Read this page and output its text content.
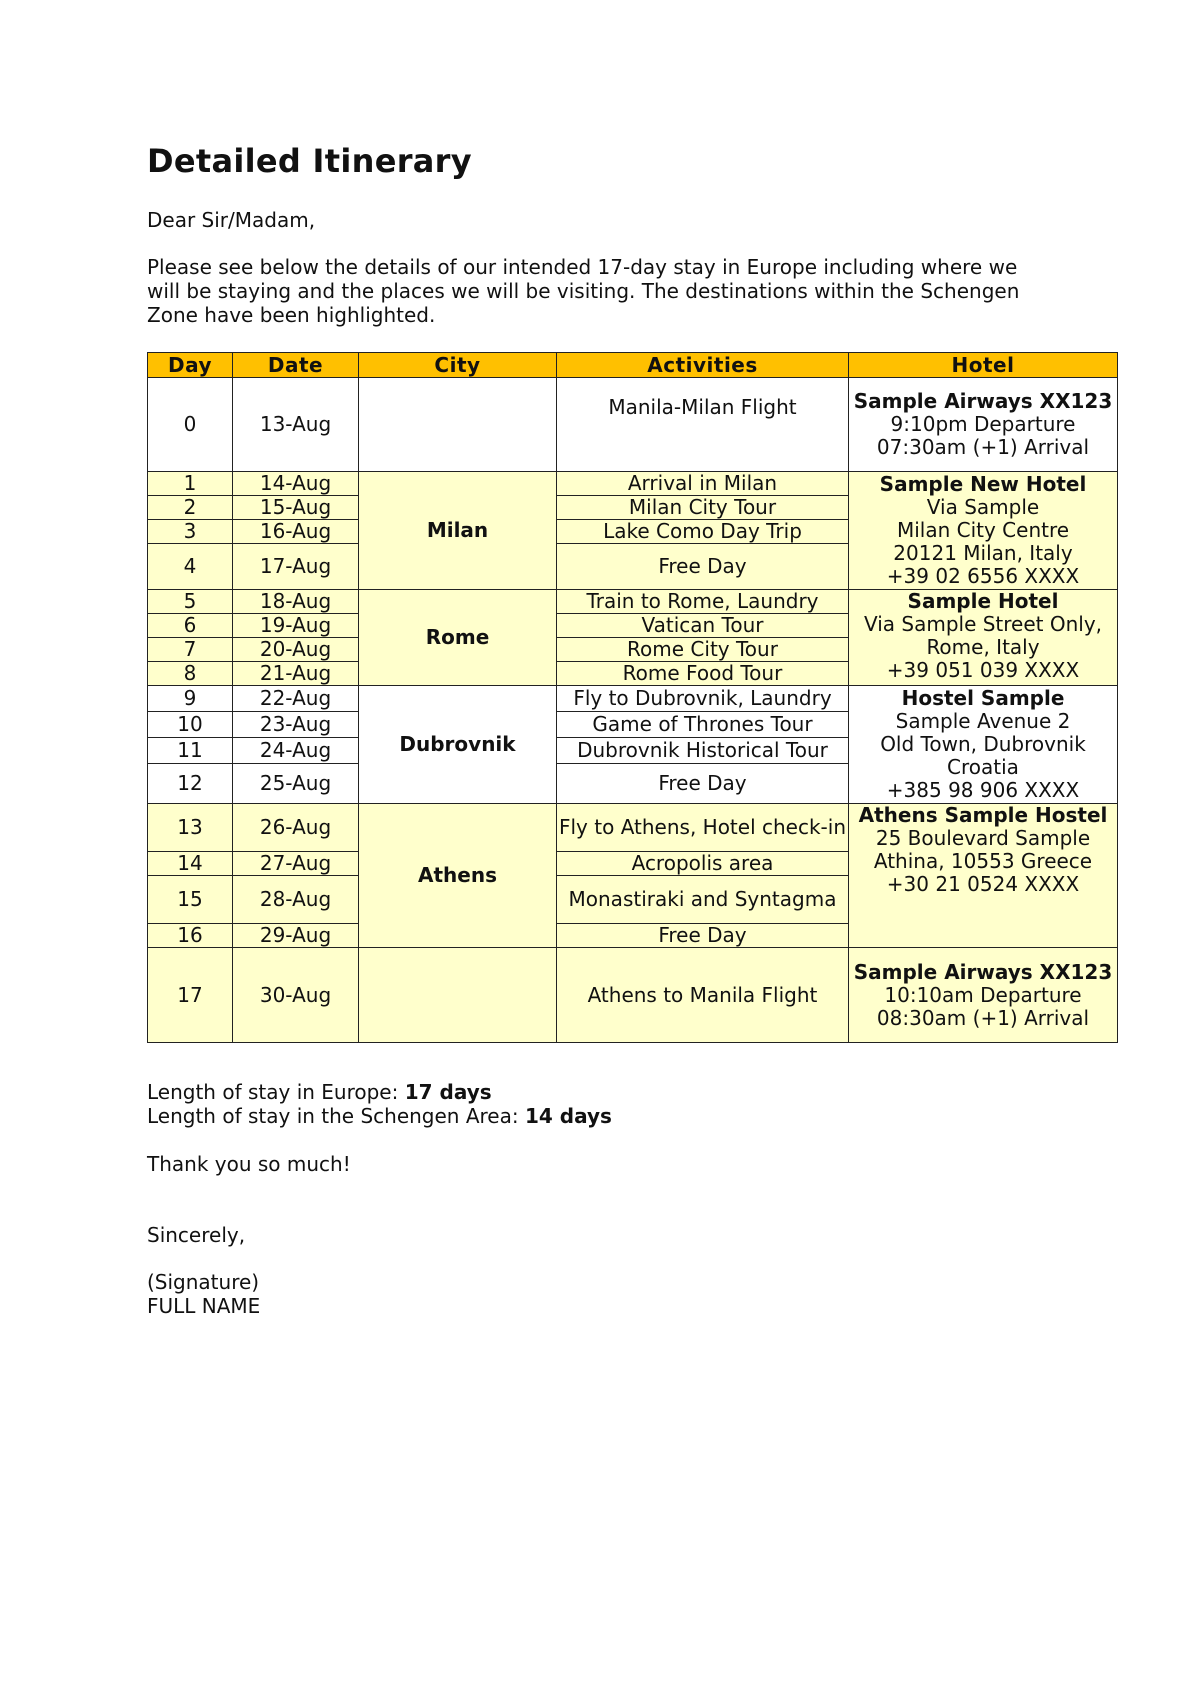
Detailed Itinerary

Dear Sir/Madam,

Please see below the details of our intended 17-day stay in Europe including where we
will be staying and the places we will be visiting. The destinations within the Schengen
Zone have been highlighted.

Day	Date	City	Activities	Hotel
0	13-Aug		Manila-Milan Flight	Sample Airways XX123
9:10pm Departure
07:30am (+1) Arrival

1	14-Aug	Milan	Arrival in Milan	Sample New Hotel
Via Sample
Milan City Centre
20121 Milan, Italy
+39 02 6556 XXXX

2	15-Aug		Milan City Tour	
3	16-Aug		Lake Como Day Trip	
4	17-Aug		Free Day	
5	18-Aug	Rome	Train to Rome, Laundry	Sample Hotel
Via Sample Street Only,
Rome, Italy
+39 051 039 XXXX

6	19-Aug		Vatican Tour	
7	20-Aug		Rome City Tour	
8	21-Aug		Rome Food Tour	
9	22-Aug	Dubrovnik	Fly to Dubrovnik, Laundry	Hostel Sample
Sample Avenue 2
Old Town, Dubrovnik
Croatia
+385 98 906 XXXX

10	23-Aug		Game of Thrones Tour	
11	24-Aug		Dubrovnik Historical Tour	
12	25-Aug		Free Day	
13	26-Aug	Athens	Fly to Athens, Hotel check-in	Athens Sample Hostel
25 Boulevard Sample
Athina, 10553 Greece
+30 21 0524 XXXX

14	27-Aug		Acropolis area	
15	28-Aug		Monastiraki and Syntagma	
16	29-Aug		Free Day	
17	30-Aug		Athens to Manila Flight	Sample Airways XX123
10:10am Departure
08:30am (+1) Arrival

Length of stay in Europe: 17 days

Length of stay in the Schengen Area: 14 days

Thank you so much!

Sincerely,

(Signature)

FULL NAME
